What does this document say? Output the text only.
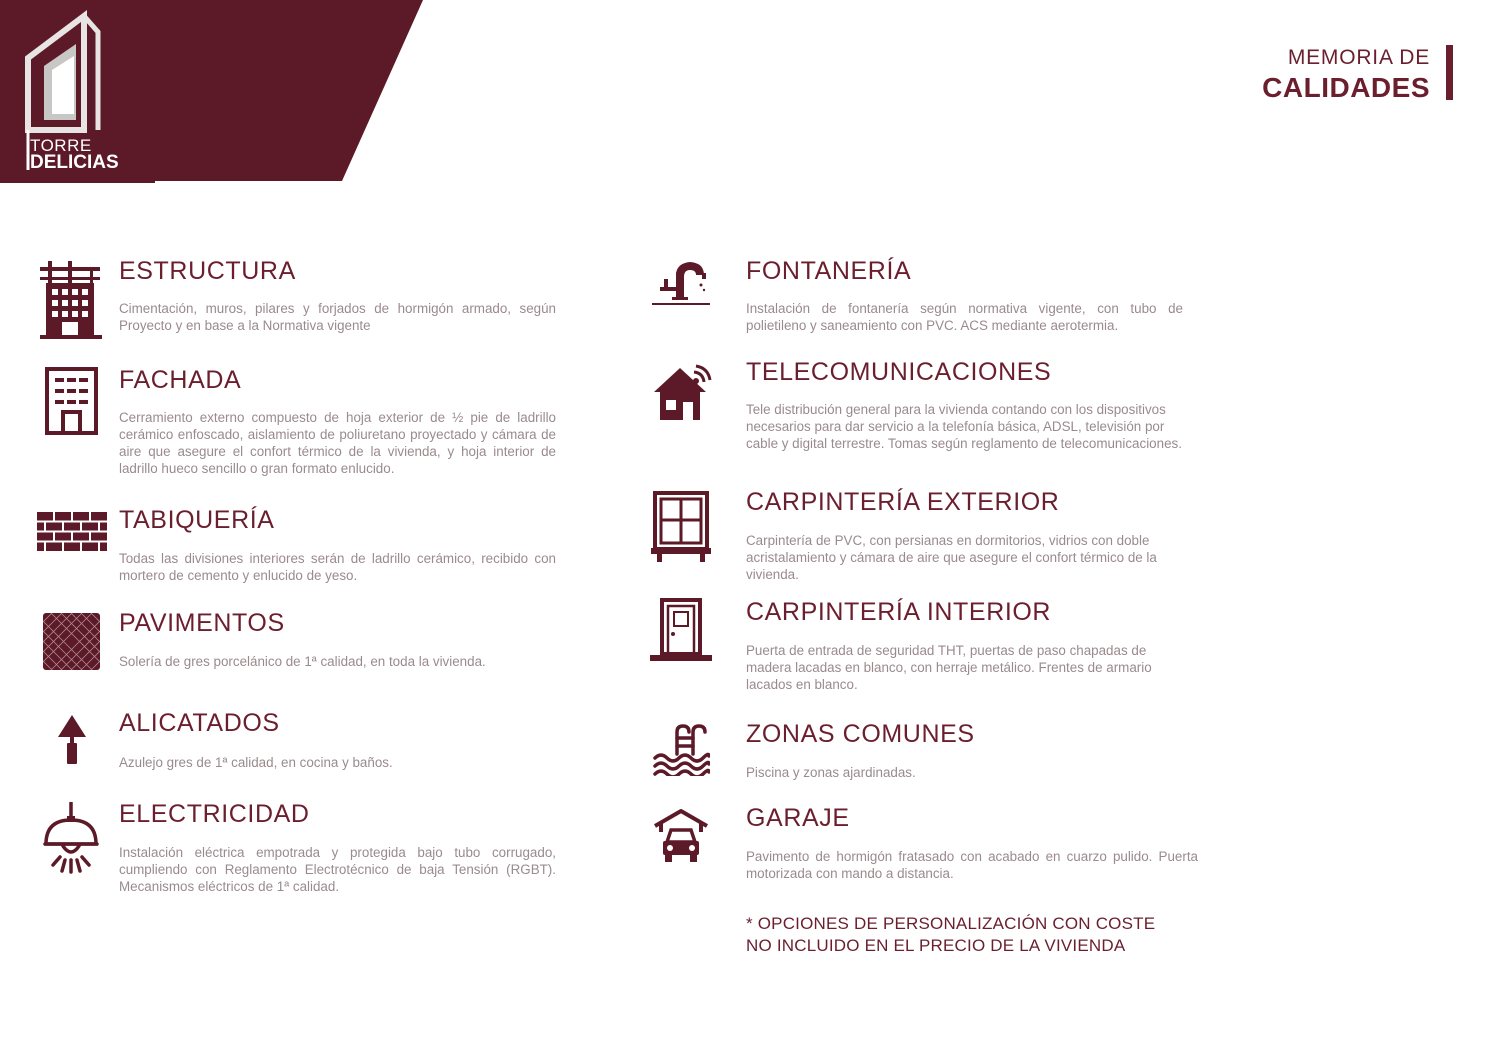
TORRE
DELICIAS
MEMORIA DE
CALIDADES
ESTRUCTURA

Cimentación, muros, pilares y forjados de hormigón armado, según Proyecto y en base a la Normativa vigente

FACHADA

Cerramiento externo compuesto de hoja exterior de ½ pie de ladrillo cerámico enfoscado, aislamiento de poliuretano proyectado y cámara de aire que asegure el confort térmico de la vivienda, y hoja interior de ladrillo hueco sencillo o gran formato enlucido.

TABIQUERÍA

Todas las divisiones interiores serán de ladrillo cerámico, recibido con mortero de cemento y enlucido de yeso.

PAVIMENTOS

Solería de gres porcelánico de 1ª calidad, en toda la vivienda.

ALICATADOS

Azulejo gres de 1ª calidad, en cocina y baños.

ELECTRICIDAD

Instalación eléctrica empotrada y protegida bajo tubo corrugado, cumpliendo con Reglamento Electrotécnico de baja Tensión (RGBT). Mecanismos eléctricos de 1ª calidad.

FONTANERÍA

Instalación de fontanería según normativa vigente, con tubo de polietileno y saneamiento con PVC. ACS mediante aerotermia.

TELECOMUNICACIONES

Tele distribución general para la vivienda contando con los dispositivos necesarios para dar servicio a la telefonía básica, ADSL, televisión por cable y digital terrestre. Tomas según reglamento de telecomunicaciones.

CARPINTERÍA EXTERIOR

Carpintería de PVC, con persianas en dormitorios, vidrios con doble acristalamiento y cámara de aire que asegure el confort térmico de la vivienda.

CARPINTERÍA INTERIOR

Puerta de entrada de seguridad THT, puertas de paso chapadas de madera lacadas en blanco, con herraje metálico. Frentes de armario lacados en blanco.

ZONAS COMUNES

Piscina y zonas ajardinadas.

GARAJE

Pavimento de hormigón fratasado con acabado en cuarzo pulido. Puerta motorizada con mando a distancia.

* OPCIONES DE PERSONALIZACIÓN CON COSTE
NO INCLUIDO EN EL PRECIO DE LA VIVIENDA
